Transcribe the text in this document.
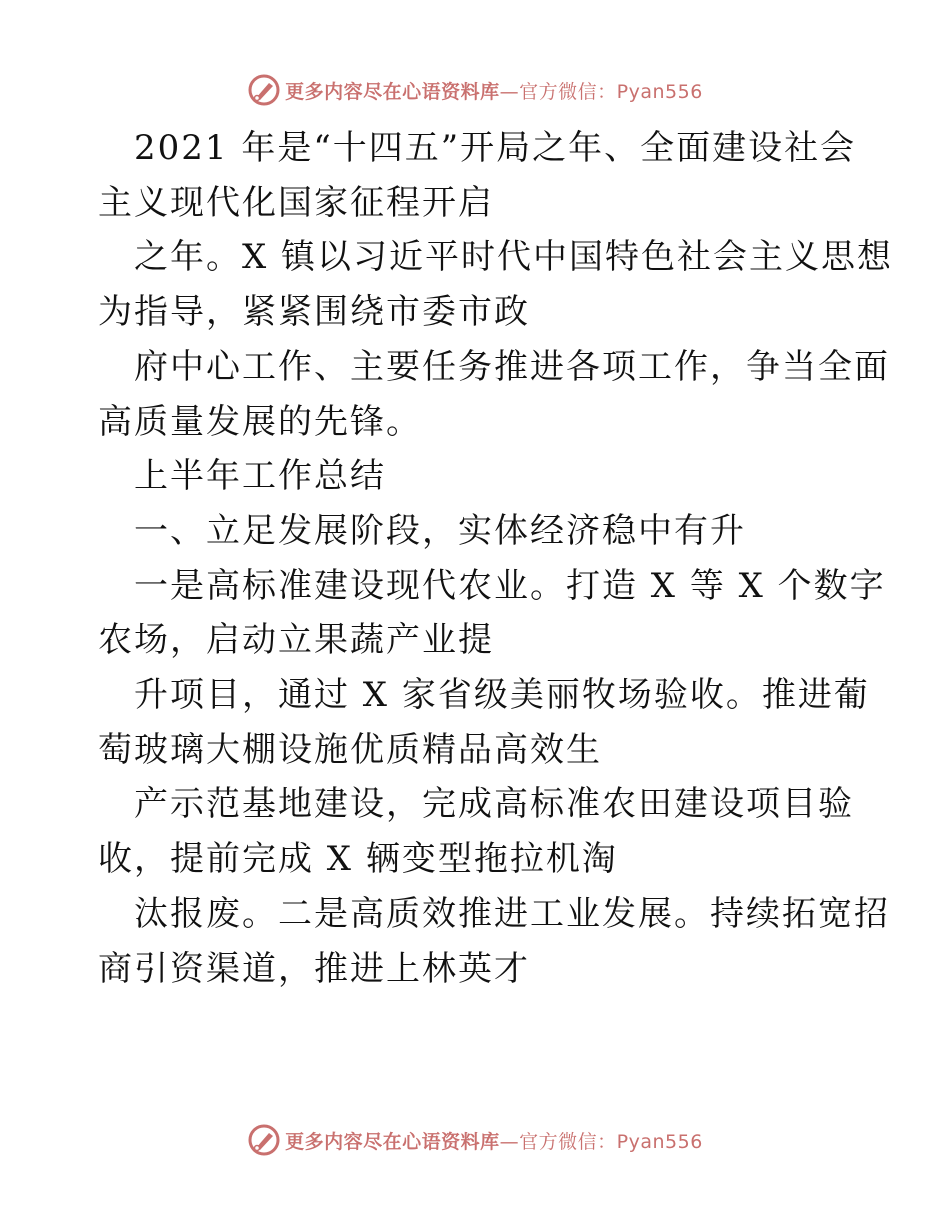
更多内容尽在心语资料库—官方微信：Pyan556

2021 年是“十四五”开局之年、全面建设社会
主义现代化国家征程开启

之年。X 镇以习近平时代中国特色社会主义思想
为指导，紧紧围绕市委市政

府中心工作、主要任务推进各项工作，争当全面
高质量发展的先锋。

上半年工作总结

一、立足发展阶段，实体经济稳中有升

一是高标准建设现代农业。打造 X 等 X 个数字
农场，启动立果蔬产业提

升项目，通过 X 家省级美丽牧场验收。推进葡
萄玻璃大棚设施优质精品高效生

产示范基地建设，完成高标准农田建设项目验
收，提前完成 X 辆变型拖拉机淘

汰报废。二是高质效推进工业发展。持续拓宽招
商引资渠道，推进上林英才

更多内容尽在心语资料库—官方微信：Pyan556
